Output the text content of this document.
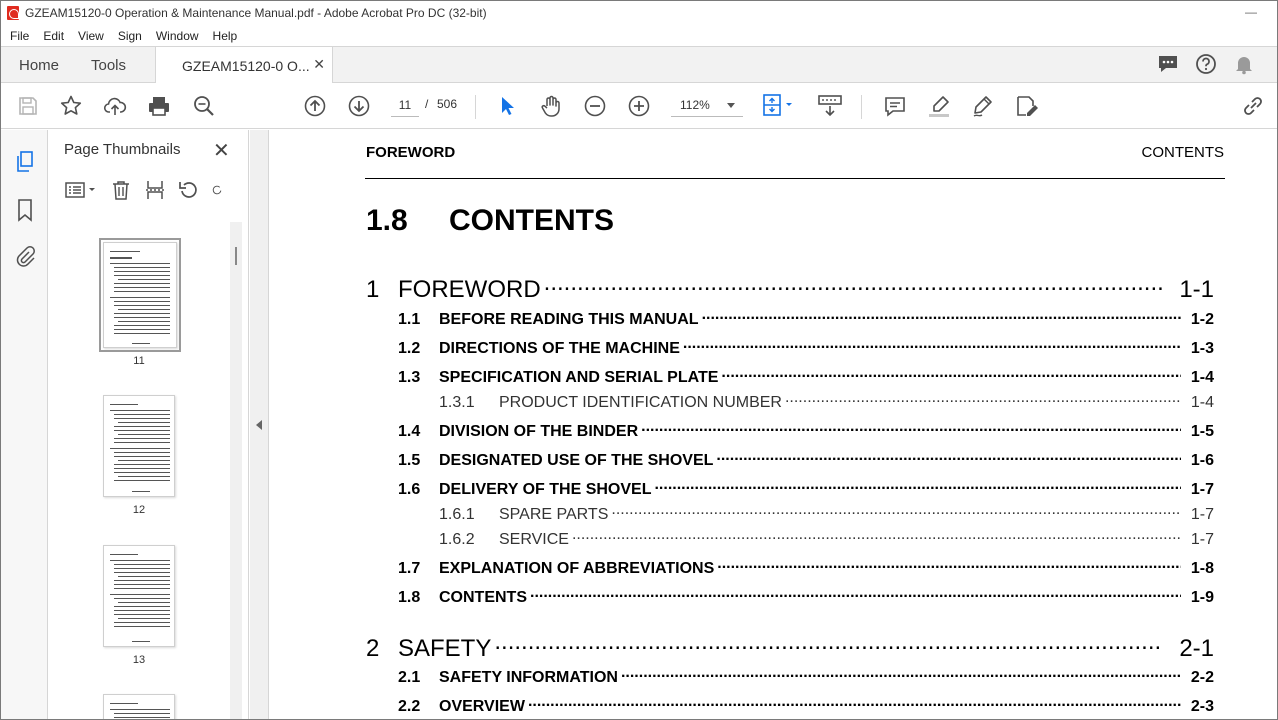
GZEAM15120-0 Operation & Maintenance Manual.pdf - Adobe Acrobat Pro DC (32-bit)	—
File Edit View Sign Window Help
Home Tools	GZEAM15120-0 O... ✕
11	/ 506	112%
Page Thumbnails ✕
11
12
13
FOREWORD	CONTENTS
1.8 CONTENTS
1 FOREWORD .....	1-1
1.1	BEFORE READING THIS MANUAL .....	1-2
1.2	DIRECTIONS OF THE MACHINE .....	1-3
1.3	SPECIFICATION AND SERIAL PLATE .....	1-4
1.3.1	PRODUCT IDENTIFICATION NUMBER .....	1-4
1.4	DIVISION OF THE BINDER .....	1-5
1.5	DESIGNATED USE OF THE SHOVEL .....	1-6
1.6	DELIVERY OF THE SHOVEL .....	1-7
1.6.1	SPARE PARTS .....	1-7
1.6.2	SERVICE .....	1-7
1.7	EXPLANATION OF ABBREVIATIONS .....	1-8
1.8	CONTENTS .....	1-9
2 SAFETY .....	2-1
2.1	SAFETY INFORMATION .....	2-2
2.2	OVERVIEW .....	2-3
